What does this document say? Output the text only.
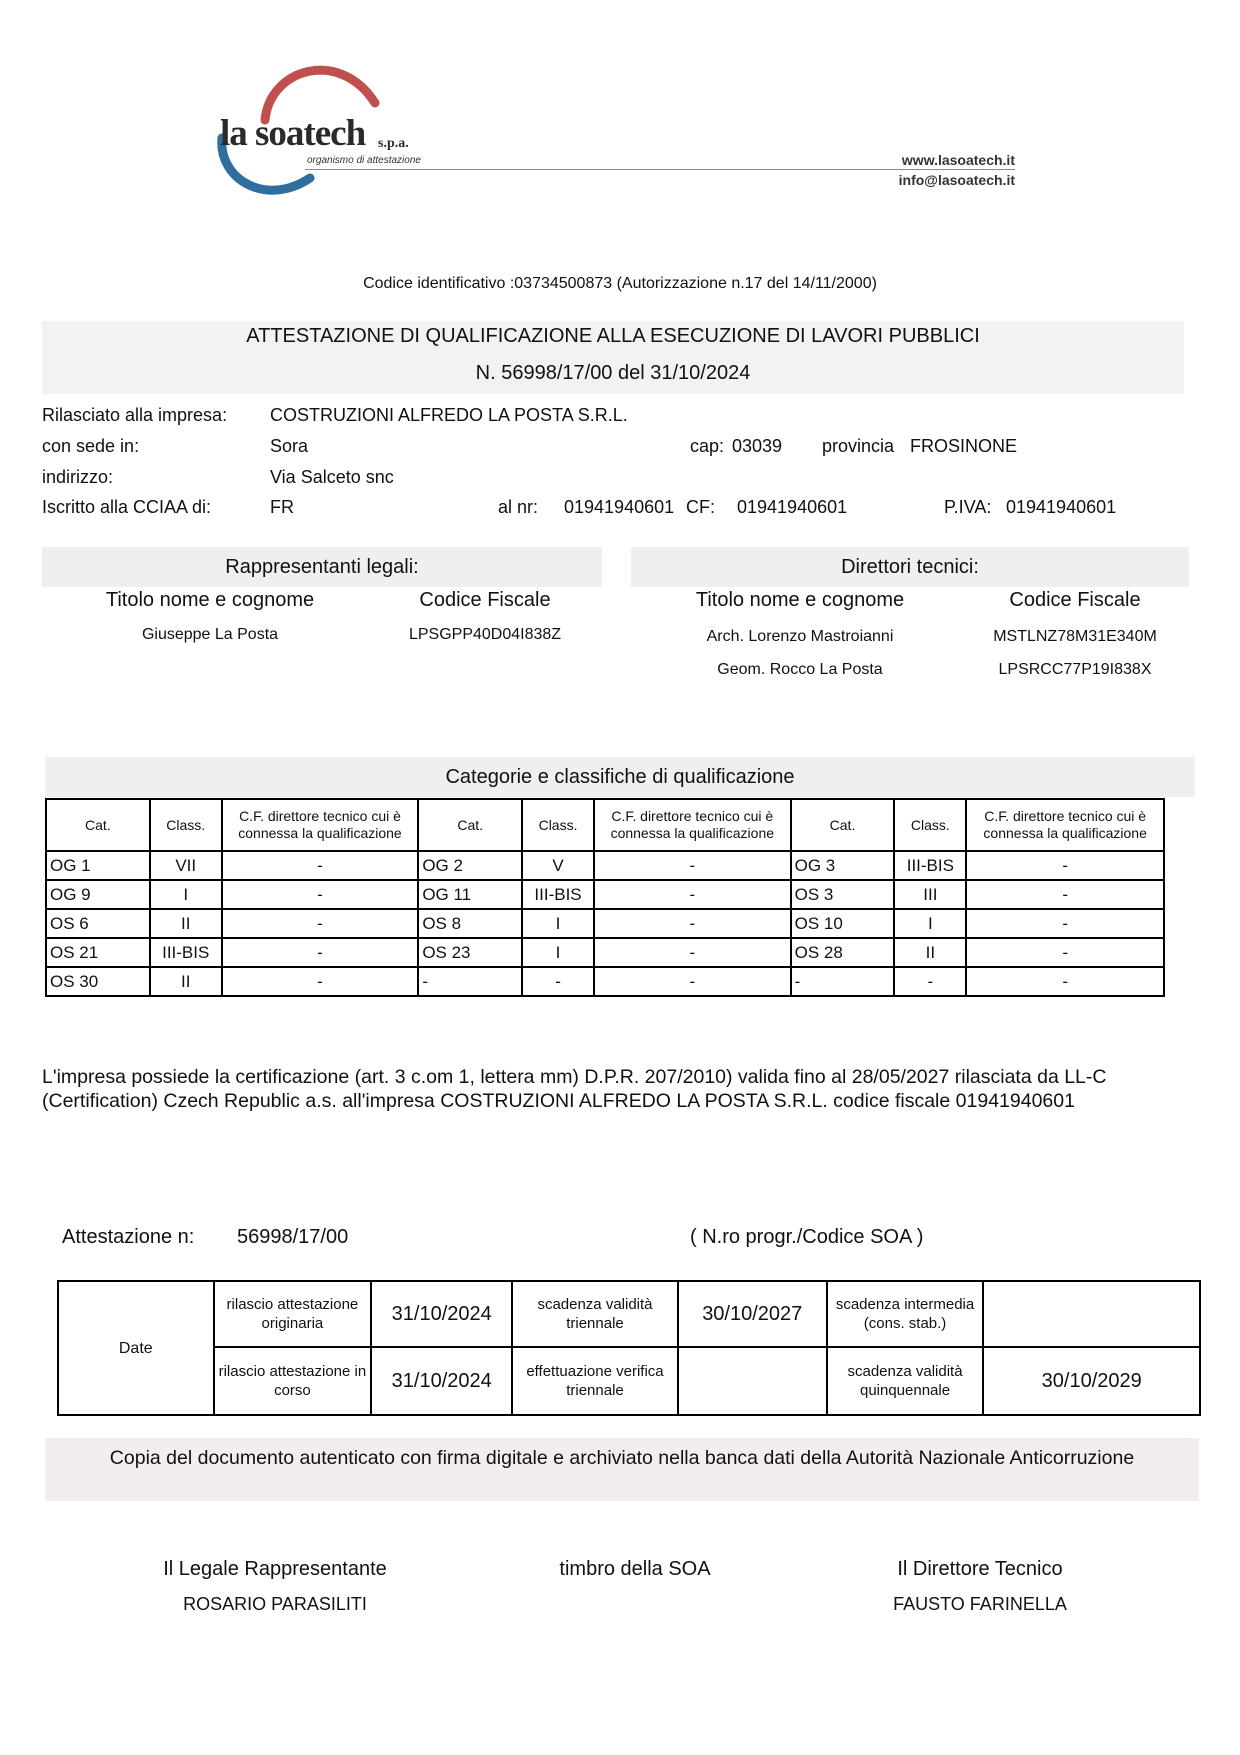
la soatech s.p.a.
organismo di attestazione	www.lasoatech.it
info@lasoatech.it
Codice identificativo :03734500873 (Autorizzazione n.17 del 14/11/2000)
ATTESTAZIONE DI QUALIFICAZIONE ALLA ESECUZIONE DI LAVORI PUBBLICI
N. 56998/17/00 del 31/10/2024
Rilasciato alla impresa: COSTRUZIONI ALFREDO LA POSTA S.R.L.
con sede in:	Sora	cap: 03039 provincia FROSINONE
indirizzo:	Via Salceto snc
Iscritto alla CCIAA di:	FR	al nr: 01941940601 CF: 01941940601	P.IVA: 01941940601
Rappresentanti legali:	Direttori tecnici:
Titolo nome e cognome	Codice Fiscale
Giuseppe La Posta	LPSGPP40D04I838Z
Titolo nome e cognome	Codice Fiscale
Arch. Lorenzo Mastroianni	MSTLNZ78M31E340M
Geom. Rocco La Posta	LPSRCC77P19I838X
Categorie e classifiche di qualificazione
Cat.	Class.	C.F. direttore tecnico cui è connessa la qualificazione	Cat.	Class.	C.F. direttore tecnico cui è connessa la qualificazione	Cat.	Class.	C.F. direttore tecnico cui è connessa la qualificazione
OG 1	VII	-	OG 2	V	-	OG 3	III-BIS	-
OG 9	I	-	OG 11	III-BIS	-	OS 3	III	-
OS 6	II	-	OS 8	I	-	OS 10	I	-
OS 21	III-BIS	-	OS 23	I	-	OS 28	II	-
OS 30	II	-	-	-	-	-	-	-
L'impresa possiede la certificazione (art. 3 c.om 1, lettera mm) D.P.R. 207/2010) valida fino al 28/05/2027 rilasciata da LL-C (Certification) Czech Republic a.s. all'impresa COSTRUZIONI ALFREDO LA POSTA S.R.L. codice fiscale 01941940601
Attestazione n: 56998/17/00	( N.ro progr./Codice SOA )
Date	rilascio attestazione originaria	31/10/2024	scadenza validità triennale	30/10/2027	scadenza intermedia (cons. stab.)	
	rilascio attestazione in corso	31/10/2024	effettuazione verifica triennale		scadenza validità quinquennale	30/10/2029
Copia del documento autenticato con firma digitale e archiviato nella banca dati della Autorità Nazionale Anticorruzione
Il Legale Rappresentante
ROSARIO PARASILITI
timbro della SOA	Il Direttore Tecnico
FAUSTO FARINELLA
